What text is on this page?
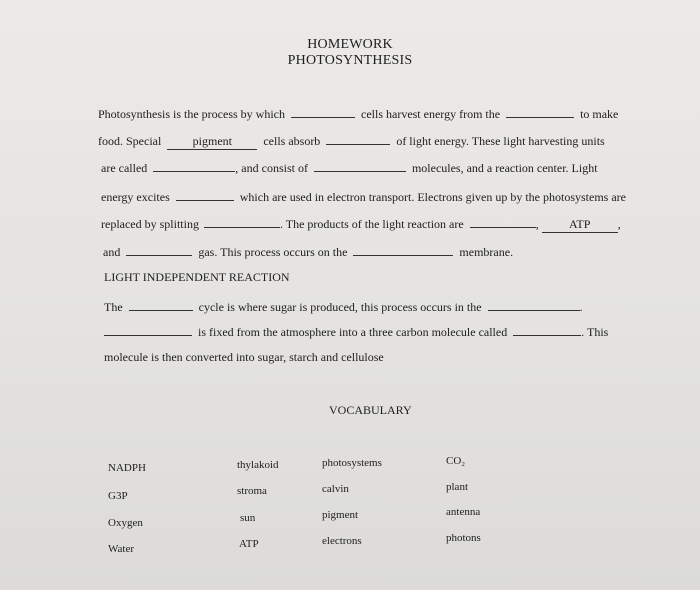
HOMEWORK
PHOTOSYNTHESIS
Photosynthesis is the process by which	cells harvest energy from the	to make
food. Special	pigment	cells absorb	of light energy. These light harvesting units
are called	, and consist of	molecules, and a reaction center. Light
energy excites	which are used in electron transport. Electrons given up by the photosystems are
replaced by splitting	. The products of the light reaction are	,	ATP ,
and	gas. This process occurs on the	membrane.
LIGHT INDEPENDENT REACTION
The	cycle is where sugar is produced, this process occurs in the	.
is fixed from the atmosphere into a three carbon molecule called	. This
molecule is then converted into sugar, starch and cellulose
VOCABULARY
NADPH
G3P
Oxygen
Water
thylakoid
stroma
sun
ATP
photosystems
calvin
pigment
electrons
CO₂
plant
antenna
photons
